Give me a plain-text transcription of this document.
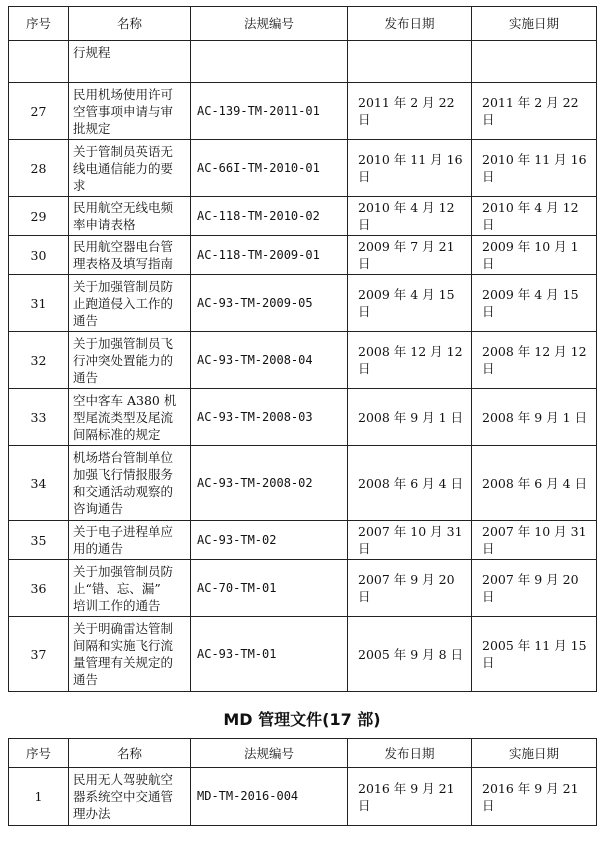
序号	名称	法规编号	发布日期	实施日期
	行规程			
27	民用机场使用许可
空管事项申请与审
批规定	AC-139-TM-2011-01	2011 年 2 月 22 日	2011 年 2 月 22 日
28	关于管制员英语无
线电通信能力的要
求	AC-66I-TM-2010-01	2010 年 11 月 16 日	2010 年 11 月 16 日
29	民用航空无线电频
率申请表格	AC-118-TM-2010-02	2010 年 4 月 12 日	2010 年 4 月 12 日
30	民用航空器电台管
理表格及填写指南	AC-118-TM-2009-01	2009 年 7 月 21 日	2009 年 10 月 1 日
31	关于加强管制员防
止跑道侵入工作的
通告	AC-93-TM-2009-05	2009 年 4 月 15 日	2009 年 4 月 15 日
32	关于加强管制员飞
行冲突处置能力的
通告	AC-93-TM-2008-04	2008 年 12 月 12 日	2008 年 12 月 12 日
33	空中客车 A380 机
型尾流类型及尾流
间隔标准的规定	AC-93-TM-2008-03	2008 年 9 月 1 日	2008 年 9 月 1 日
34	机场塔台管制单位
加强飞行情报服务
和交通活动观察的
咨询通告	AC-93-TM-2008-02	2008 年 6 月 4 日	2008 年 6 月 4 日
35	关于电子进程单应
用的通告	AC-93-TM-02	2007 年 10 月 31 日	2007 年 10 月 31 日
36	关于加强管制员防
止“错、忘、漏”
培训工作的通告	AC-70-TM-01	2007 年 9 月 20 日	2007 年 9 月 20 日
37	关于明确雷达管制
间隔和实施飞行流
量管理有关规定的
通告	AC-93-TM-01	2005 年 9 月 8 日	2005 年 11 月 15 日
MD 管理文件(17 部)
序号	名称	法规编号	发布日期	实施日期
1	民用无人驾驶航空
器系统空中交通管
理办法	MD-TM-2016-004	2016 年 9 月 21 日	2016 年 9 月 21 日
